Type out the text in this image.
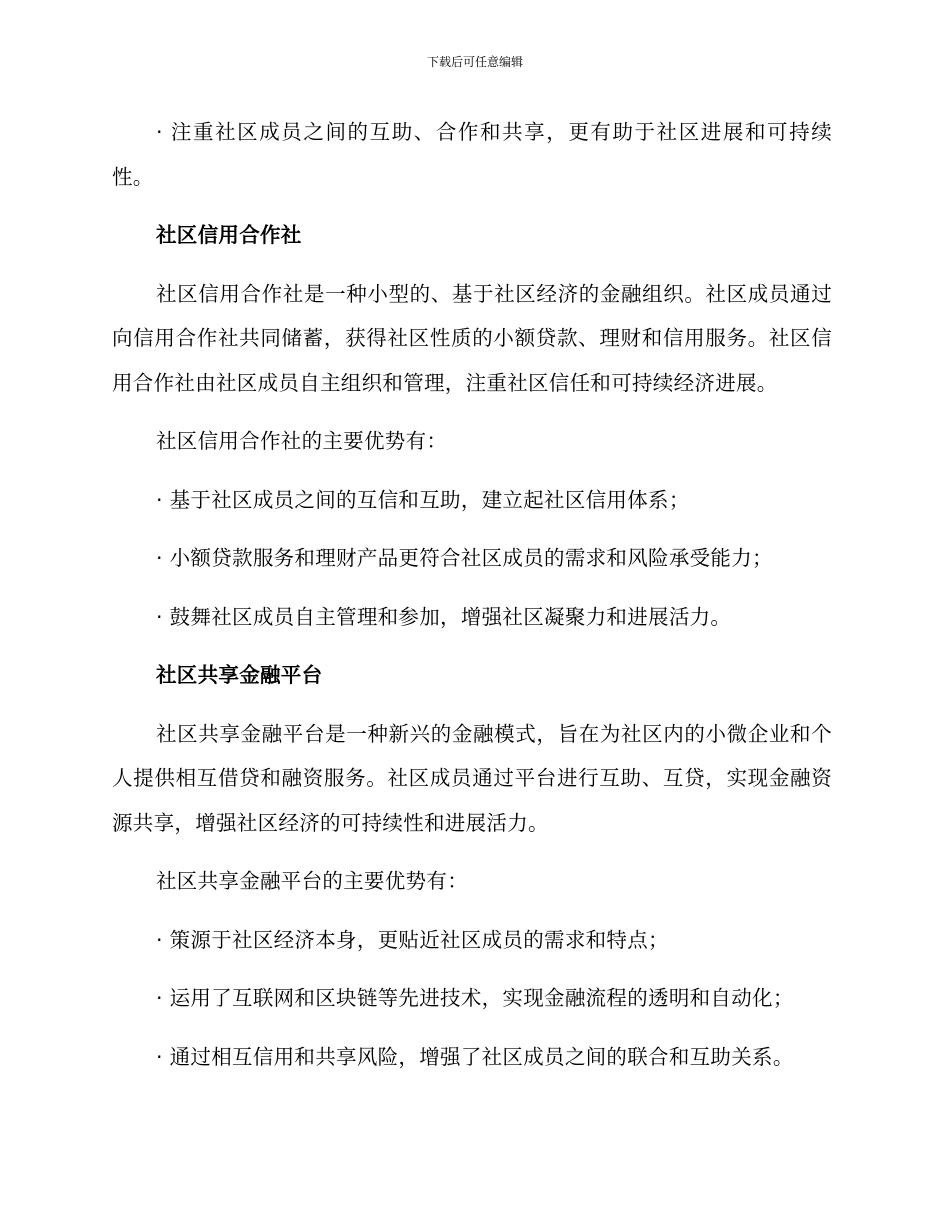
下载后可任意编辑

· 注重社区成员之间的互助、合作和共享，更有助于社区进展和可持续性。

社区信用合作社

社区信用合作社是一种小型的、基于社区经济的金融组织。社区成员通过向信用合作社共同储蓄，获得社区性质的小额贷款、理财和信用服务。社区信用合作社由社区成员自主组织和管理，注重社区信任和可持续经济进展。

社区信用合作社的主要优势有：

· 基于社区成员之间的互信和互助，建立起社区信用体系；

· 小额贷款服务和理财产品更符合社区成员的需求和风险承受能力；

· 鼓舞社区成员自主管理和参加，增强社区凝聚力和进展活力。

社区共享金融平台

社区共享金融平台是一种新兴的金融模式，旨在为社区内的小微企业和个人提供相互借贷和融资服务。社区成员通过平台进行互助、互贷，实现金融资源共享，增强社区经济的可持续性和进展活力。

社区共享金融平台的主要优势有：

· 策源于社区经济本身，更贴近社区成员的需求和特点；

· 运用了互联网和区块链等先进技术，实现金融流程的透明和自动化；

· 通过相互信用和共享风险，增强了社区成员之间的联合和互助关系。
